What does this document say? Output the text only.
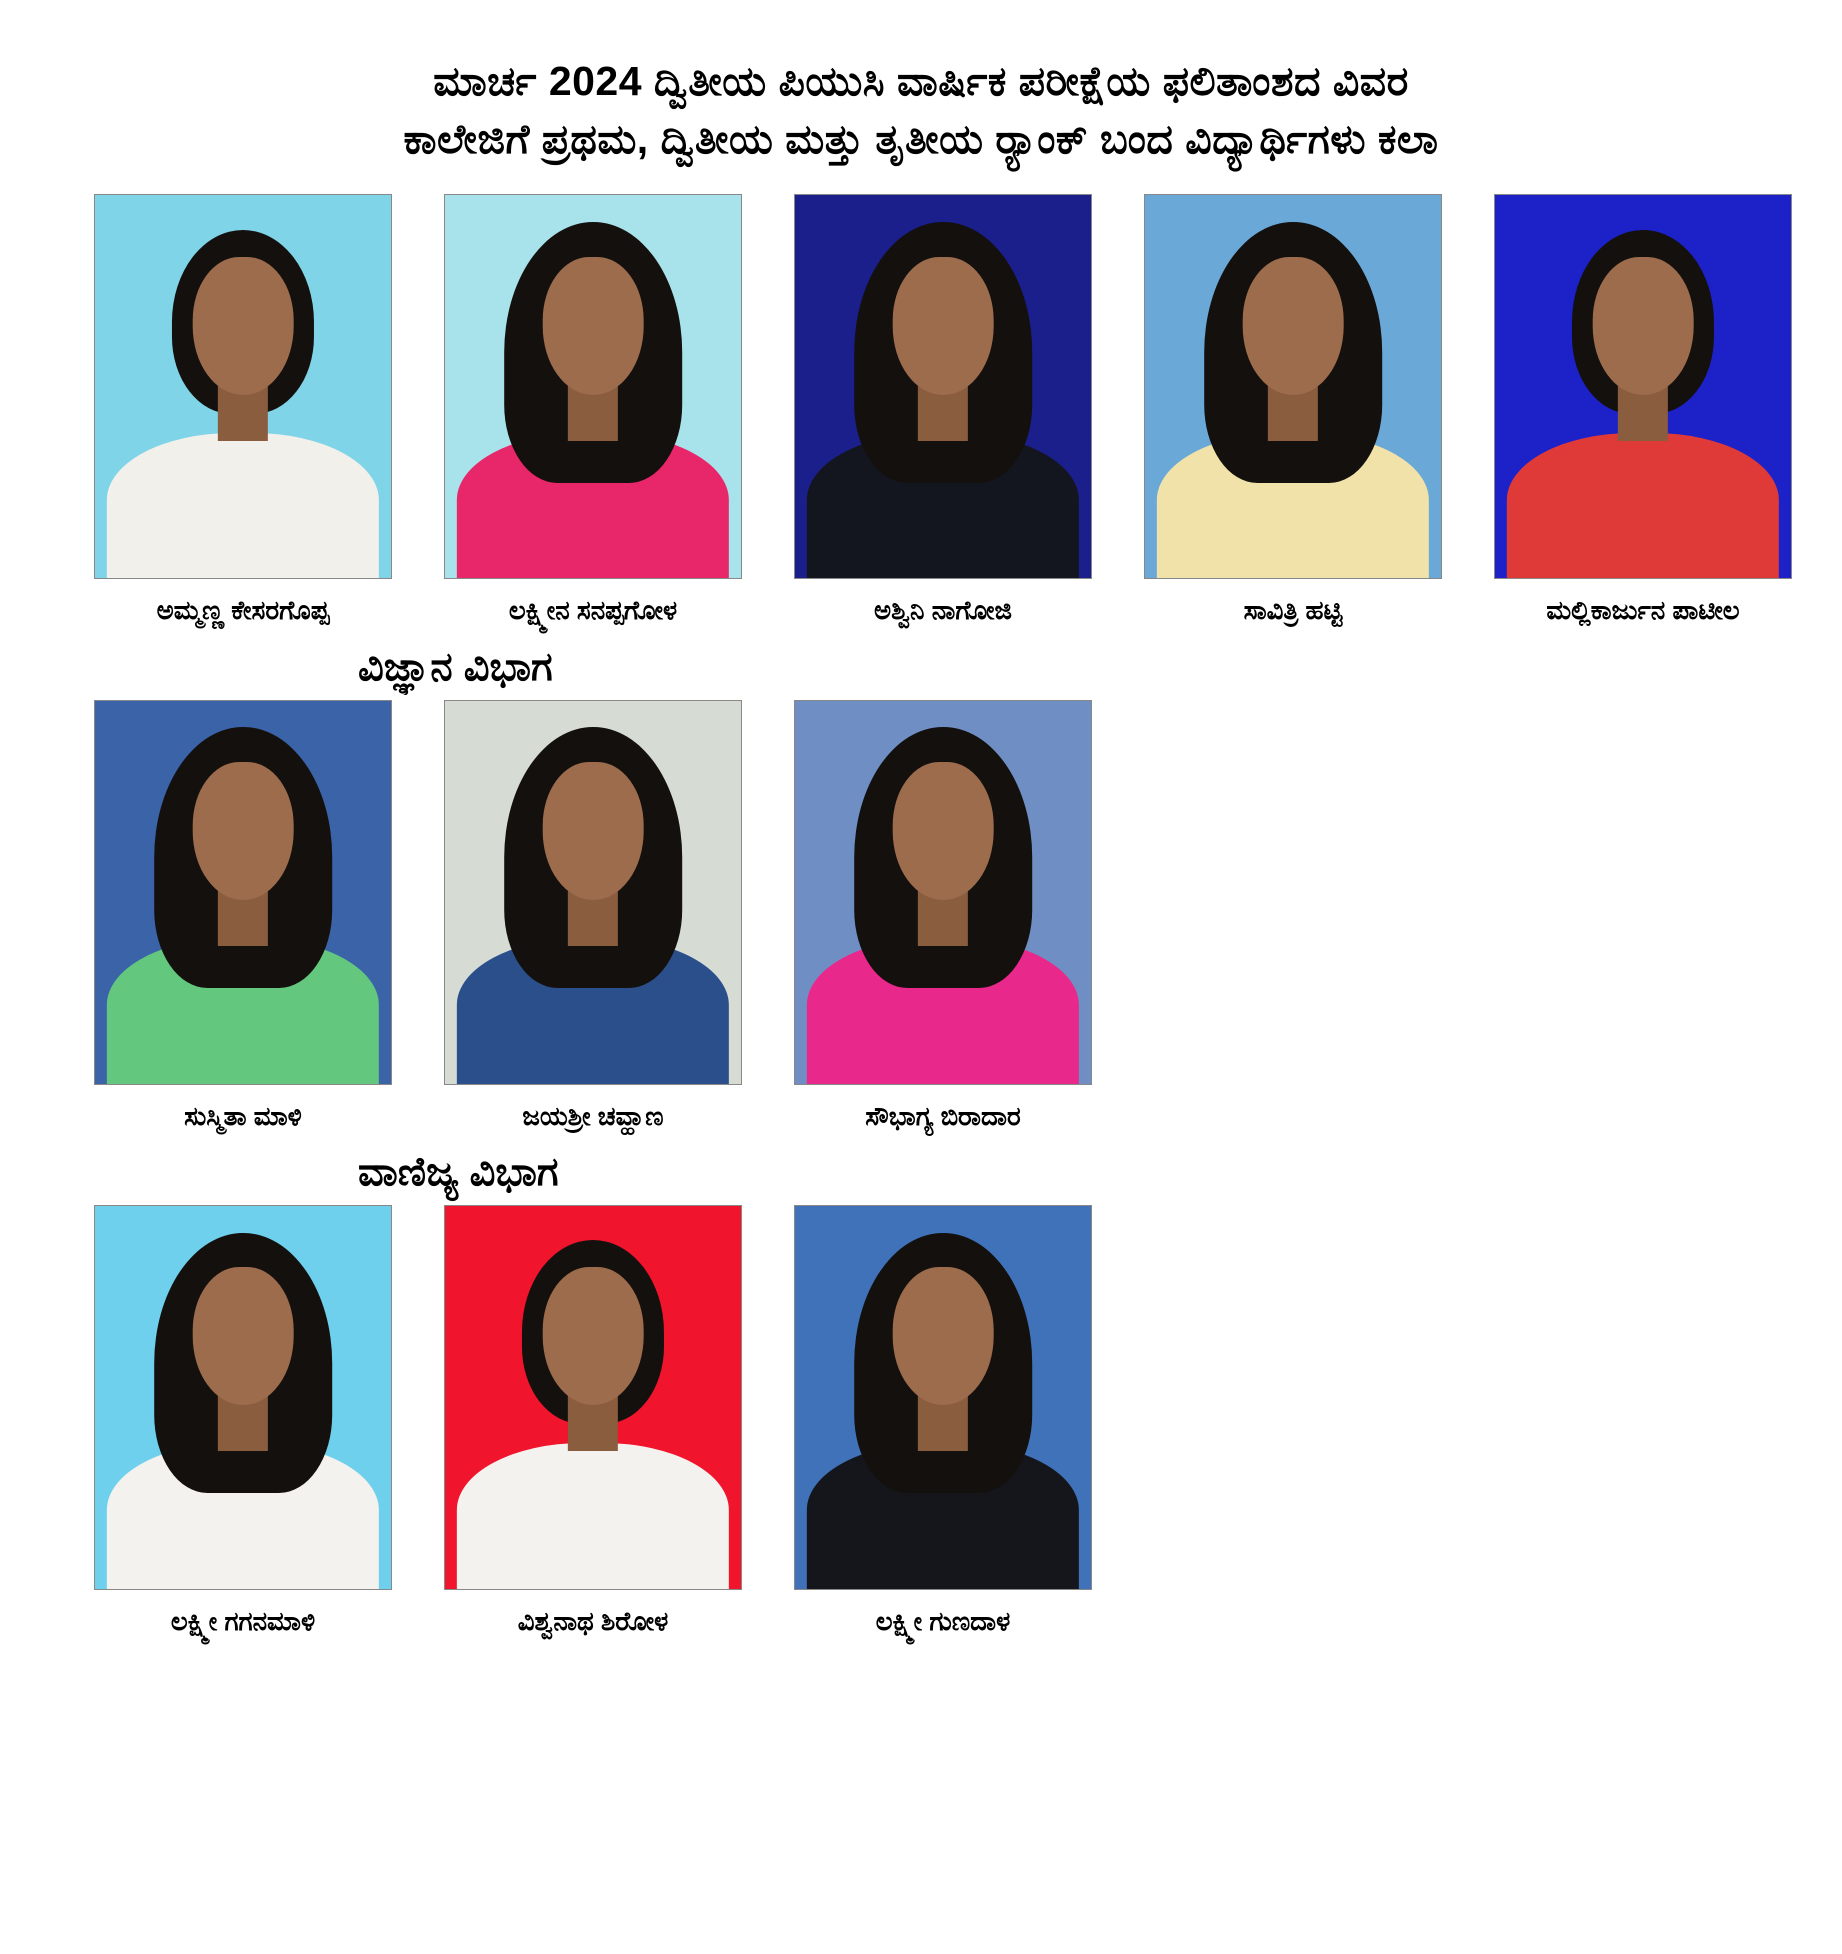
ಮಾರ್ಚ 2024 ದ್ವಿತೀಯ ಪಿಯುಸಿ ವಾರ್ಷಿಕ ಪರೀಕ್ಷೆಯ ಫಲಿತಾಂಶದ ವಿವರ
ಕಾಲೇಜಿಗೆ ಪ್ರಥಮ, ದ್ವಿತೀಯ ಮತ್ತು ತೃತೀಯ ರ್‍ಯಾಂಕ್ ಬಂದ ವಿದ್ಯಾರ್ಥಿಗಳು ಕಲಾ
ಅಮ್ಮಣ್ಣ ಕೇಸರಗೊಪ್ಪ	ಲಕ್ಷ್ಮೀನ ಸನಪ್ಪಗೋಳ	ಅಶ್ವಿನಿ ನಾಗೋಜಿ	ಸಾವಿತ್ರಿ ಹಟ್ಟಿ	ಮಲ್ಲಿಕಾರ್ಜುನ ಪಾಟೀಲ
ವಿಜ್ಞಾನ ವಿಭಾಗ
ಸುಸ್ಮಿತಾ ಮಾಳಿ	ಜಯಶ್ರೀ ಚವ್ಹಾಣ	ಸೌಭಾಗ್ಯ ಬಿರಾದಾರ
ವಾಣಿಜ್ಯ ವಿಭಾಗ
ಲಕ್ಷ್ಮೀ ಗಗನಮಾಳಿ	ವಿಶ್ವನಾಥ ಶಿರೋಳ	ಲಕ್ಷ್ಮೀ ಗುಣದಾಳ
